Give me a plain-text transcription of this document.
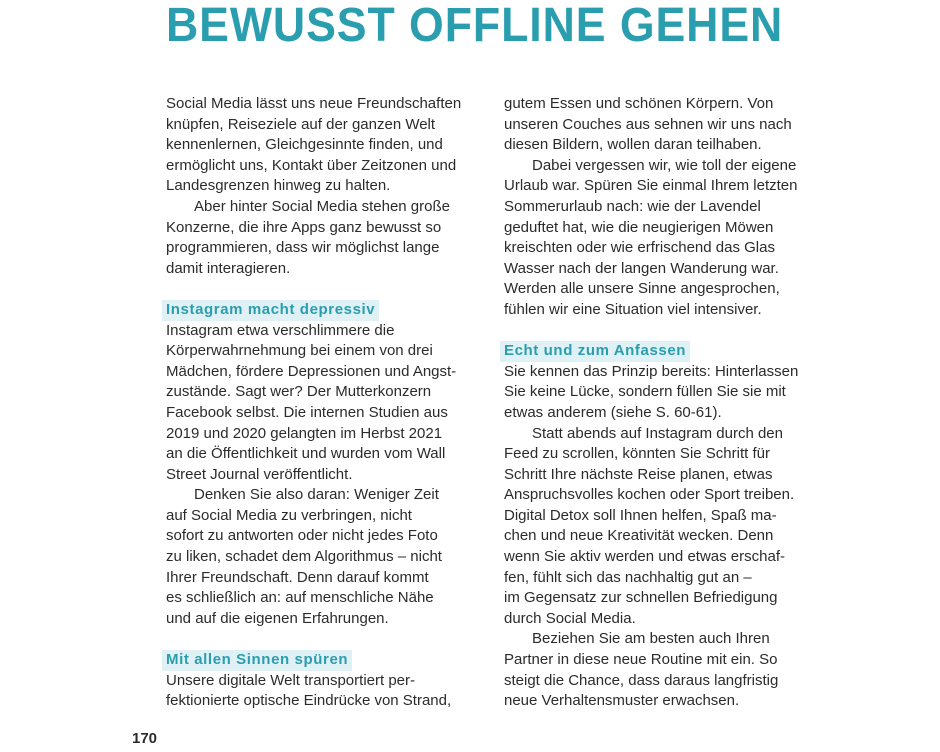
BEWUSST OFFLINE GEHEN
Social Media lässt uns neue Freundschaften
knüpfen, Reiseziele auf der ganzen Welt
kennenlernen, Gleichgesinnte finden, und
ermöglicht uns, Kontakt über Zeitzonen und
Landesgrenzen hinweg zu halten.
Aber hinter Social Media stehen große
Konzerne, die ihre Apps ganz bewusst so
programmieren, dass wir möglichst lange
damit interagieren.
Instagram macht depressiv
Instagram etwa verschlimmere die
Körperwahrnehmung bei einem von drei
Mädchen, fördere Depressionen und Angst-
zustände. Sagt wer? Der Mutterkonzern
Facebook selbst. Die internen Studien aus
2019 und 2020 gelangten im Herbst 2021
an die Öffentlichkeit und wurden vom Wall
Street Journal veröffentlicht.
Denken Sie also daran: Weniger Zeit
auf Social Media zu verbringen, nicht
sofort zu antworten oder nicht jedes Foto
zu liken, schadet dem Algorithmus – nicht
Ihrer Freundschaft. Denn darauf kommt
es schließlich an: auf menschliche Nähe
und auf die eigenen Erfahrungen.
Mit allen Sinnen spüren
Unsere digitale Welt transportiert per-
fektionierte optische Eindrücke von Strand,
gutem Essen und schönen Körpern. Von
unseren Couches aus sehnen wir uns nach
diesen Bildern, wollen daran teilhaben.
Dabei vergessen wir, wie toll der eigene
Urlaub war. Spüren Sie einmal Ihrem letzten
Sommerurlaub nach: wie der Lavendel
geduftet hat, wie die neugierigen Möwen
kreischten oder wie erfrischend das Glas
Wasser nach der langen Wanderung war.
Werden alle unsere Sinne angesprochen,
fühlen wir eine Situation viel intensiver.
Echt und zum Anfassen
Sie kennen das Prinzip bereits: Hinterlassen
Sie keine Lücke, sondern füllen Sie sie mit
etwas anderem (siehe S. 60-61).
Statt abends auf Instagram durch den
Feed zu scrollen, könnten Sie Schritt für
Schritt Ihre nächste Reise planen, etwas
Anspruchsvolles kochen oder Sport treiben.
Digital Detox soll Ihnen helfen, Spaß ma-
chen und neue Kreativität wecken. Denn
wenn Sie aktiv werden und etwas erschaf-
fen, fühlt sich das nachhaltig gut an –
im Gegensatz zur schnellen Befriedigung
durch Social Media.
Beziehen Sie am besten auch Ihren
Partner in diese neue Routine mit ein. So
steigt die Chance, dass daraus langfristig
neue Verhaltensmuster erwachsen.
170
